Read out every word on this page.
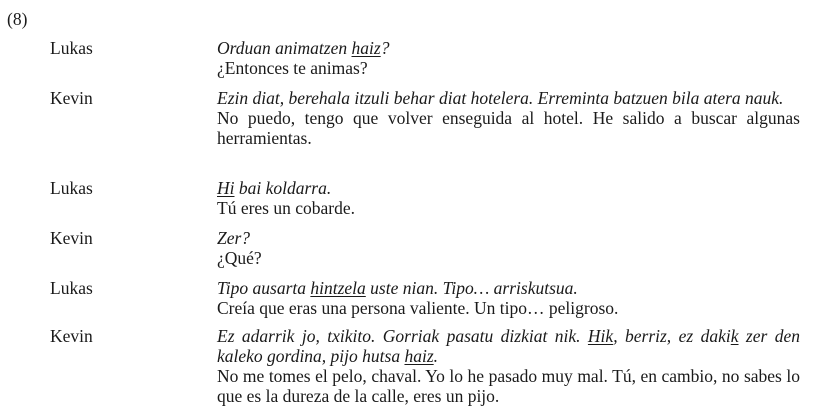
(8)
Lukas	Orduan animatzen haiz?
¿Entonces te animas?
Kevin	Ezin diat, berehala itzuli behar diat hotelera. Erreminta batzuen bila atera nauk.
No puedo, tengo que volver enseguida al hotel. He salido a buscar algunas herramientas.
Lukas	Hi bai koldarra.
Tú eres un cobarde.
Kevin	Zer?
¿Qué?
Lukas	Tipo ausarta hintzela uste nian. Tipo… arriskutsua.
Creía que eras una persona valiente. Un tipo… peligroso.
Kevin	Ez adarrik jo, txikito. Gorriak pasatu dizkiat nik. Hik, berriz, ez dakik zer den kaleko gordina, pijo hutsa haiz.
No me tomes el pelo, chaval. Yo lo he pasado muy mal. Tú, en cambio, no sabes lo que es la dureza de la calle, eres un pijo.
